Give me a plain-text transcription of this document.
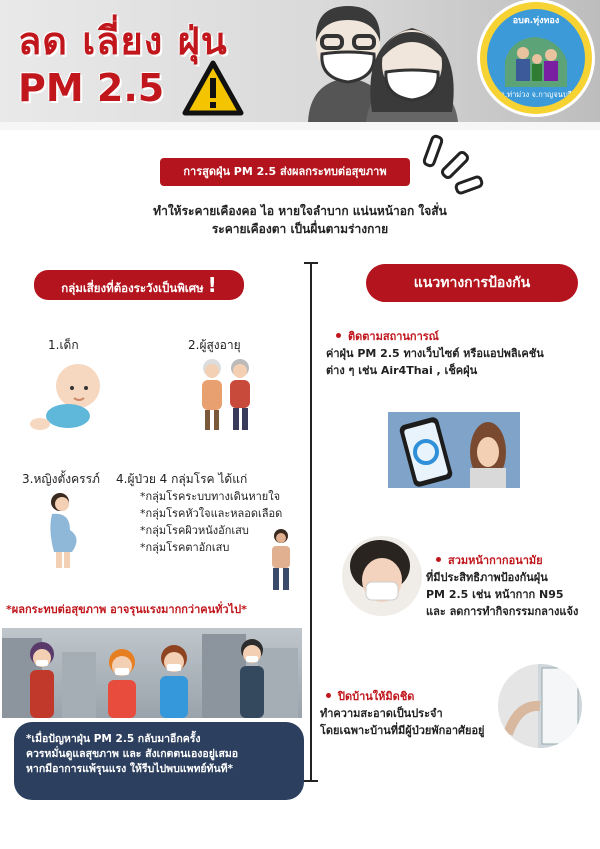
ลด เลี่ยง ฝุ่น
PM 2.5
อบต.ทุ่งทอง
อ.ท่าม่วง จ.กาญจนบุรี
การสูดฝุ่น PM 2.5 ส่งผลกระทบต่อสุขภาพ
ทำให้ระคายเคืองคอ ไอ หายใจลำบาก แน่นหน้าอก ใจสั่น
ระคายเคืองตา เป็นผื่นตามร่างกาย
กลุ่มเสี่ยงที่ต้องระวังเป็นพิเศษ !
1.เด็ก	2.ผู้สูงอายุ
3.หญิงตั้งครรภ์ 4.ผู้ป่วย 4 กลุ่มโรค ได้แก่
*กลุ่มโรคระบบทางเดินหายใจ
*กลุ่มโรคหัวใจและหลอดเลือด
*กลุ่มโรคผิวหนังอักเสบ
*กลุ่มโรคตาอักเสบ
*ผลกระทบต่อสุขภาพ อาจรุนแรงมากกว่าคนทั่วไป*
*เมื่อปัญหาฝุ่น PM 2.5 กลับมาอีกครั้ง
ควรหมั่นดูแลสุขภาพ และ สังเกตตนเองอยู่เสมอ
หากมีอาการแพ้รุนแรง ให้รีบไปพบแพทย์ทันที*
แนวทางการป้องกัน
ติดตามสถานการณ์
ค่าฝุ่น PM 2.5 ทางเว็บไซต์ หรือแอปพลิเคชัน
ต่าง ๆ เช่น Air4Thai , เช็คฝุ่น
สวมหน้ากากอนามัย
ที่มีประสิทธิภาพป้องกันฝุ่น
PM 2.5 เช่น หน้ากาก N95
และ ลดการทำกิจกรรมกลางแจ้ง
ปิดบ้านให้มิดชิด
ทำความสะอาดเป็นประจำ
โดยเฉพาะบ้านที่มีผู้ป่วยพักอาศัยอยู่
